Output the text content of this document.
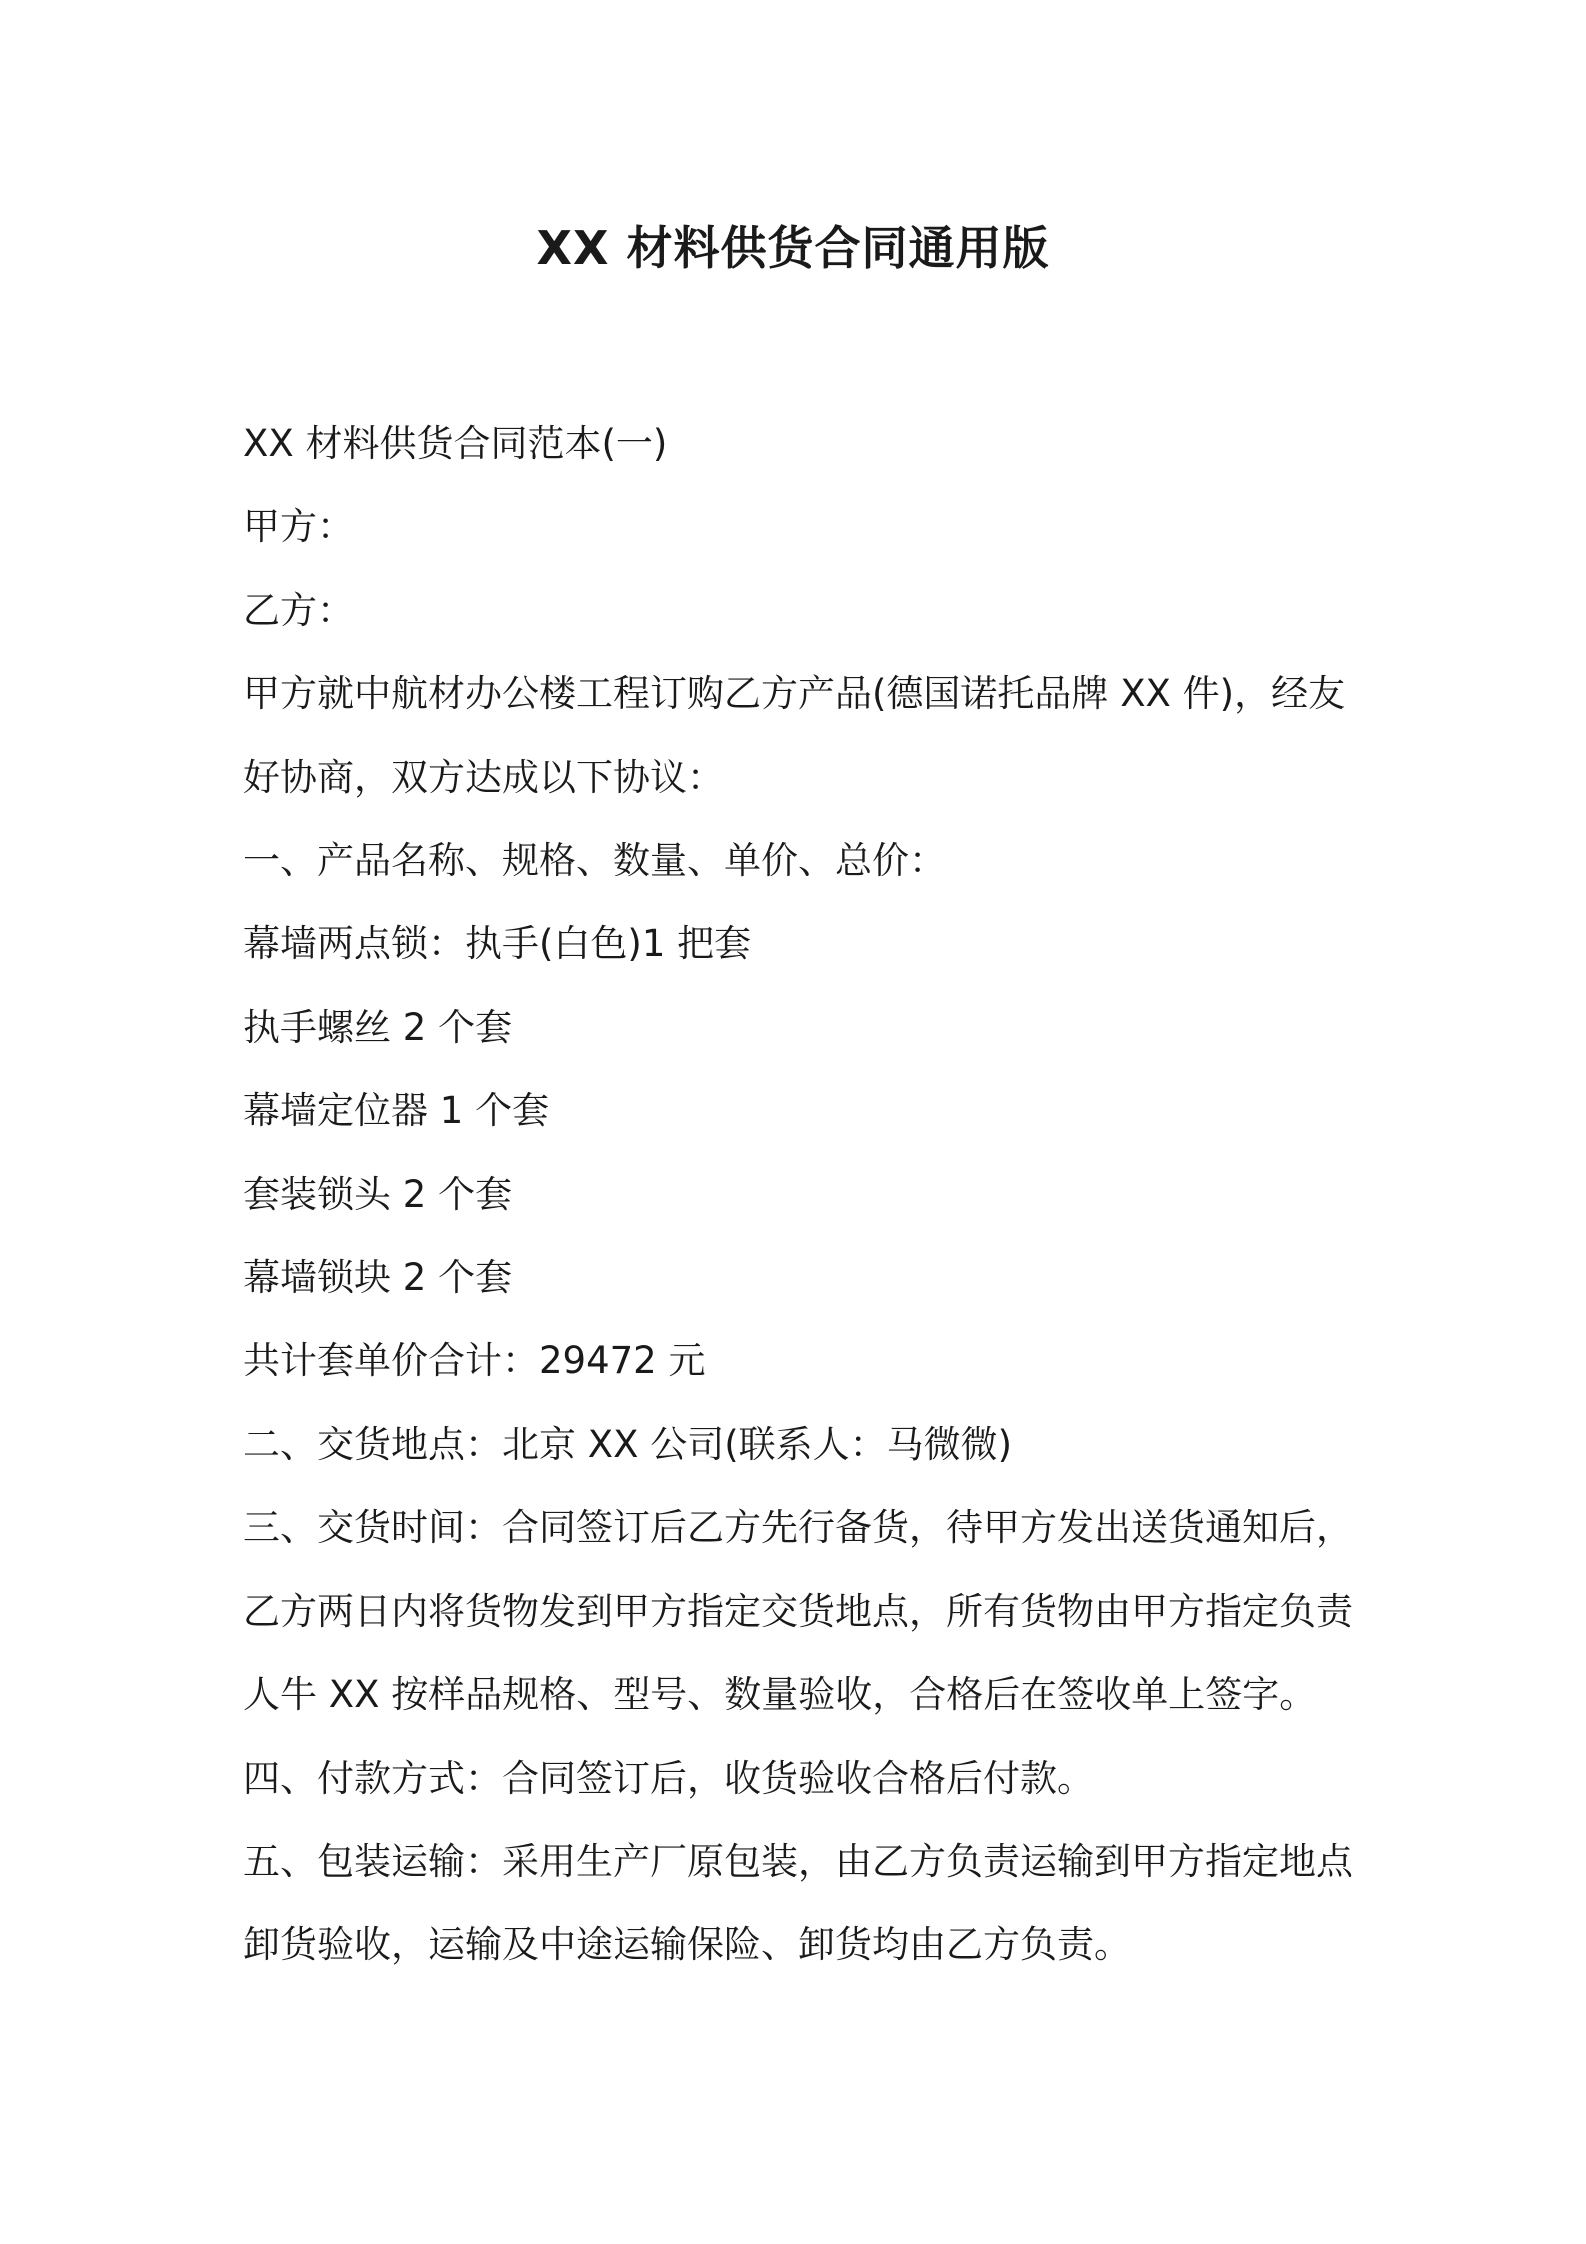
XX 材料供货合同通用版

XX 材料供货合同范本(一)

甲方：

乙方：

甲方就中航材办公楼工程订购乙方产品(德国诺托品牌 XX 件)，经友

好协商，双方达成以下协议：

一、产品名称、规格、数量、单价、总价：

幕墙两点锁：执手(白色)1 把套

执手螺丝 2 个套

幕墙定位器 1 个套

套装锁头 2 个套

幕墙锁块 2 个套

共计套单价合计：29472 元

二、交货地点：北京 XX 公司(联系人：马微微)

三、交货时间：合同签订后乙方先行备货，待甲方发出送货通知后，

乙方两日内将货物发到甲方指定交货地点，所有货物由甲方指定负责

人牛 XX 按样品规格、型号、数量验收，合格后在签收单上签字。

四、付款方式：合同签订后，收货验收合格后付款。

五、包装运输：采用生产厂原包装，由乙方负责运输到甲方指定地点

卸货验收，运输及中途运输保险、卸货均由乙方负责。
